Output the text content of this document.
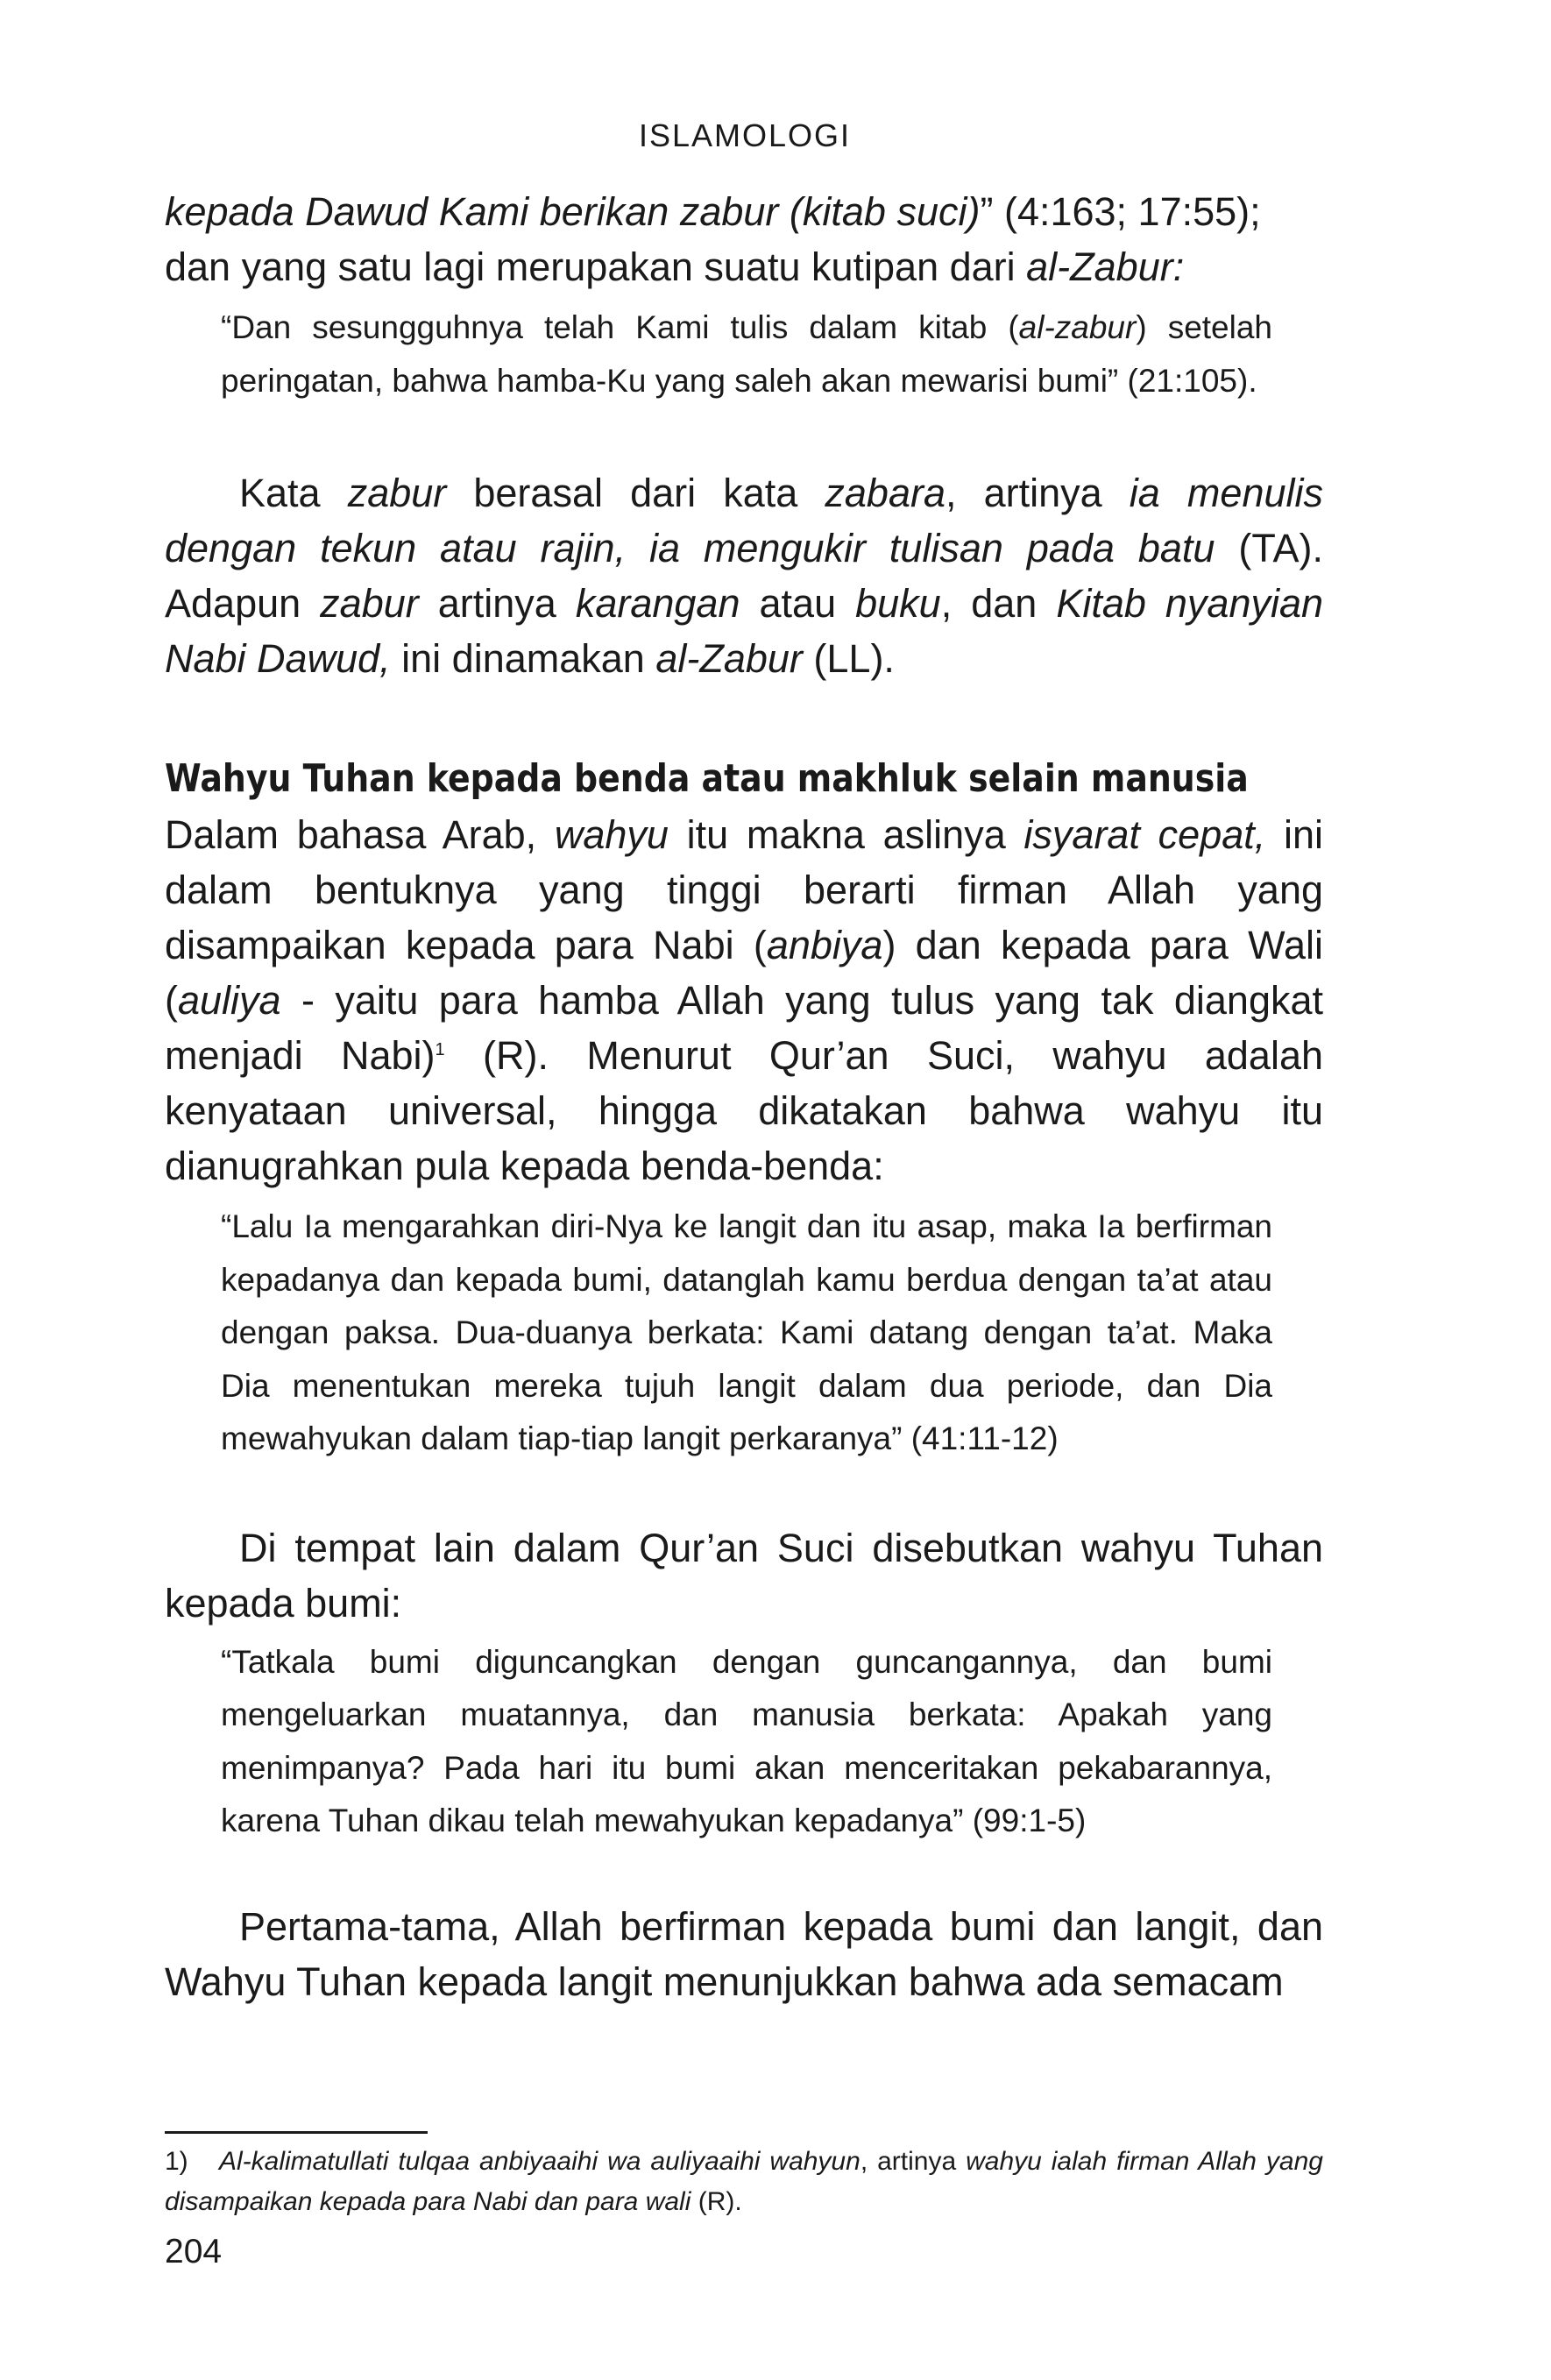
ISLAMOLOGI

kepada Dawud Kami berikan zabur (kitab suci)” (4:163; 17:55);
dan yang satu lagi merupakan suatu kutipan dari al-Zabur:

“Dan sesungguhnya telah Kami tulis dalam kitab (al-zabur) setelah peringatan, bahwa hamba-Ku yang saleh akan mewarisi bumi” (21:105).

Kata zabur berasal dari kata zabara, artinya ia menulis dengan tekun atau rajin, ia mengukir tulisan pada batu (TA). Adapun zabur artinya karangan atau buku, dan Kitab nyanyian Nabi Dawud, ini dinamakan al-Zabur (LL).

Wahyu Tuhan kepada benda atau makhluk selain manusia

Dalam bahasa Arab, wahyu itu makna aslinya isyarat cepat, ini dalam bentuknya yang tinggi berarti firman Allah yang disampaikan kepada para Nabi (anbiya) dan kepada para Wali (auliya - yaitu para hamba Allah yang tulus yang tak diangkat menjadi Nabi)$^1$ (R). Menurut Qur’an Suci, wahyu adalah kenyataan universal, hingga dikatakan bahwa wahyu itu dianugrahkan pula kepada benda-benda:

“Lalu Ia mengarahkan diri-Nya ke langit dan itu asap, maka Ia berfirman kepadanya dan kepada bumi, datanglah kamu berdua dengan ta’at atau dengan paksa. Dua-duanya berkata: Kami datang dengan ta’at. Maka Dia menentukan mereka tujuh langit dalam dua periode, dan Dia mewahyukan dalam tiap-tiap langit perkaranya” (41:11-12)

Di tempat lain dalam Qur’an Suci disebutkan wahyu Tuhan kepada bumi:

“Tatkala bumi diguncangkan dengan guncangannya, dan bumi mengeluarkan muatannya, dan manusia berkata: Apakah yang menimpanya? Pada hari itu bumi akan menceritakan pekabarannya, karena Tuhan dikau telah mewahyukan kepadanya” (99:1-5)

Pertama-tama, Allah berfirman kepada bumi dan langit, dan Wahyu Tuhan kepada langit menunjukkan bahwa ada semacam

1) Al-kalimatullati tulqaa anbiyaaihi wa auliyaaihi wahyun, artinya wahyu ialah firman Allah yang disampaikan kepada para Nabi dan para wali (R).

204
